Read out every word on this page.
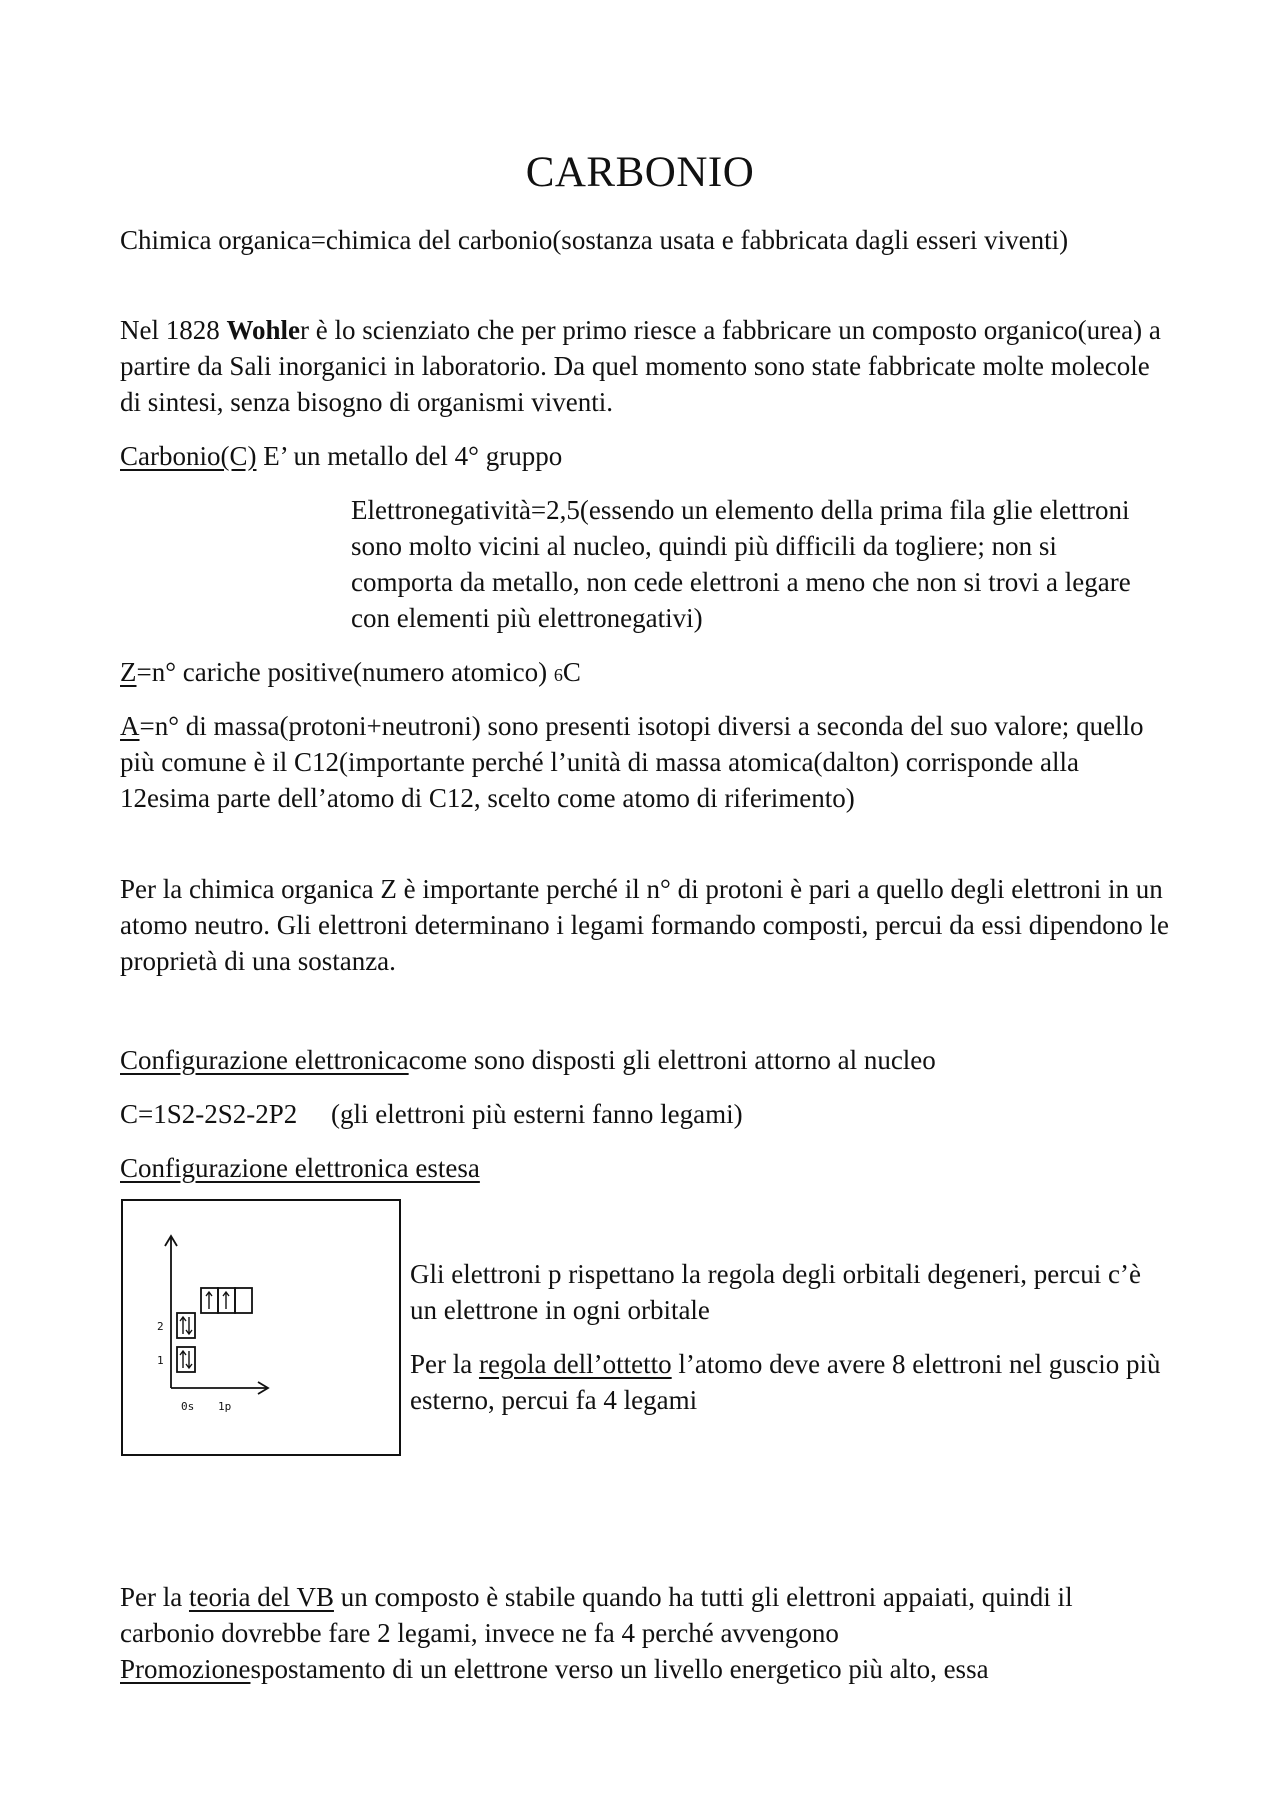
CARBONIO

Chimica organica=chimica del carbonio(sostanza usata e fabbricata dagli esseri viventi)

Nel 1828 Wohler è lo scienziato che per primo riesce a fabbricare un composto organico(urea) a partire da Sali inorganici in laboratorio. Da quel momento sono state fabbricate molte molecole di sintesi, senza bisogno di organismi viventi.

Carbonio(C) E’ un metallo del 4° gruppo

Elettronegatività=2,5(essendo un elemento della prima fila glie elettroni sono molto vicini al nucleo, quindi più difficili da togliere; non si comporta da metallo, non cede elettroni a meno che non si trovi a legare con elementi più elettronegativi)

Z=n° cariche positive(numero atomico) 6C

A=n° di massa(protoni+neutroni) sono presenti isotopi diversi a seconda del suo valore; quello più comune è il C12(importante perché l’unità di massa atomica(dalton) corrisponde alla 12esima parte dell’atomo di C12, scelto come atomo di riferimento)

Per la chimica organica Z è importante perché il n° di protoni è pari a quello degli elettroni in un atomo neutro. Gli elettroni determinano i legami formando composti, percui da essi dipendono le proprietà di una sostanza.

Configurazione elettronicacome sono disposti gli elettroni attorno al nucleo

C=1S2-2S2-2P2     (gli elettroni più esterni fanno legami)

Configurazione elettronica estesa

2
1
0s 1p

Gli elettroni p rispettano la regola degli orbitali degeneri, percui c’è un elettrone in ogni orbitale

Per la regola dell’ottetto l’atomo deve avere 8 elettroni nel guscio più esterno, percui fa 4 legami

Per la teoria del VB un composto è stabile quando ha tutti gli elettroni appaiati, quindi il carbonio dovrebbe fare 2 legami, invece ne fa 4 perché avvengono

Promozionespostamento di un elettrone verso un livello energetico più alto, essa
